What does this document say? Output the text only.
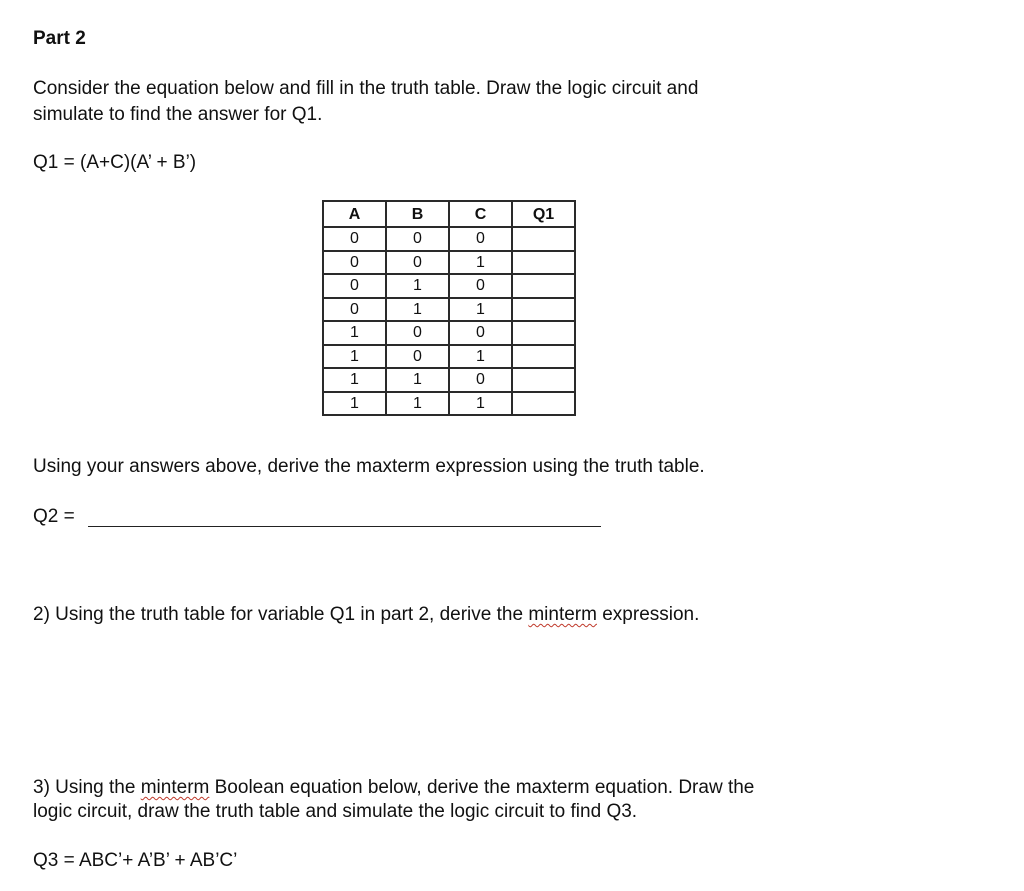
Part 2
Consider the equation below and fill in the truth table. Draw the logic circuit and
simulate to find the answer for Q1.
Q1 = (A+C)(A’ + B’)
A	B	C	Q1
0	0	0	
0	0	1	
0	1	0	
0	1	1	
1	0	0	
1	0	1	
1	1	0	
1	1	1	
Using your answers above, derive the maxterm expression using the truth table.
Q2 =
2) Using the truth table for variable Q1 in part 2, derive the minterm expression.
3) Using the minterm Boolean equation below, derive the maxterm equation. Draw the
logic circuit, draw the truth table and simulate the logic circuit to find Q3.
Q3 = ABC’+ A’B’ + AB’C’
